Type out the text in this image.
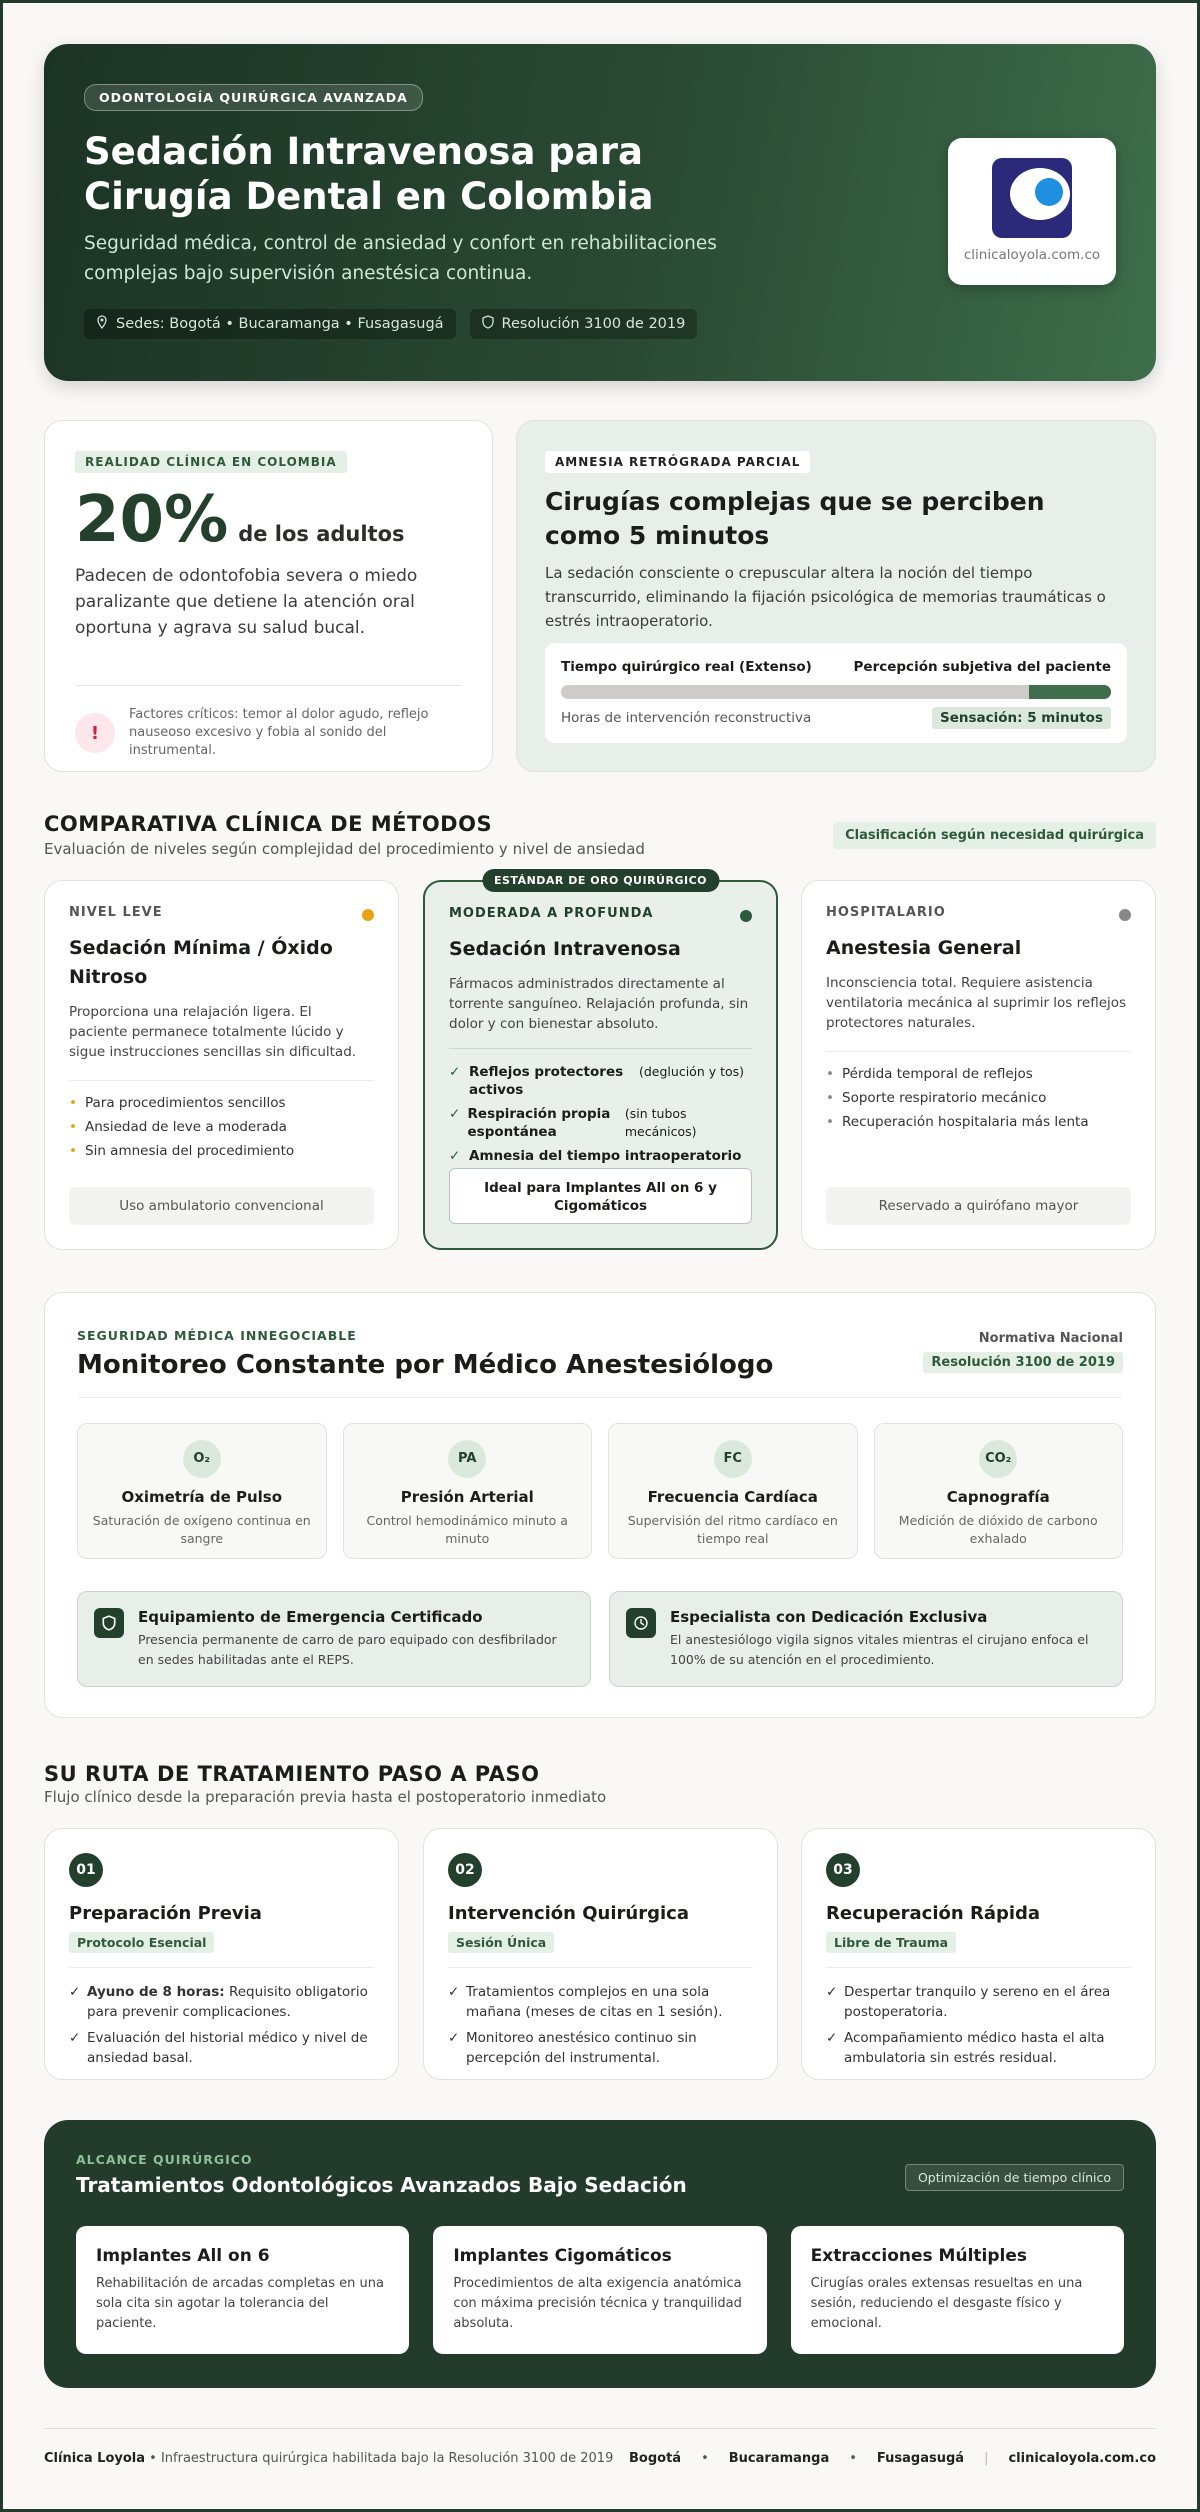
ODONTOLOGÍA QUIRÚRGICA AVANZADA
Sedación Intravenosa para Cirugía Dental en Colombia

Seguridad médica, control de ansiedad y confort en rehabilitaciones complejas bajo supervisión anestésica continua.

Sedes: Bogotá • Bucaramanga • Fusagasugá	Resolución 3100 de 2019
clinicaloyola.com.co
REALIDAD CLÍNICA EN COLOMBIA
20% de los adultos

Padecen de odontofobia severa o miedo paralizante que detiene la atención oral oportuna y agrava su salud bucal.

!
Factores críticos: temor al dolor agudo, reflejo nauseoso excesivo y fobia al sonido del instrumental.
AMNESIA RETRÓGRADA PARCIAL
Cirugías complejas que se perciben como 5 minutos

La sedación consciente o crepuscular altera la noción del tiempo transcurrido, eliminando la fijación psicológica de memorias traumáticas o estrés intraoperatorio.

Tiempo quirúrgico real (Extenso)	Percepción subjetiva del paciente
Horas de intervención reconstructiva	Sensación: 5 minutos
COMPARATIVA CLÍNICA DE MÉTODOS

Evaluación de niveles según complejidad del procedimiento y nivel de ansiedad

Clasificación según necesidad quirúrgica
NIVEL LEVE
Sedación Mínima / Óxido Nitroso

Proporciona una relajación ligera. El paciente permanece totalmente lúcido y sigue instrucciones sencillas sin dificultad.

• Para procedimientos sencillos
• Ansiedad de leve a moderada
• Sin amnesia del procedimiento
Uso ambulatorio convencional
ESTÁNDAR DE ORO QUIRÚRGICO
MODERADA A PROFUNDA
Sedación Intravenosa

Fármacos administrados directamente al torrente sanguíneo. Relajación profunda, sin dolor y con bienestar absoluto.

✓ Reflejos protectores activos
(deglución y tos)
✓ Respiración propia espontánea
(sin tubos mecánicos)
✓ Amnesia del tiempo intraoperatorio
Ideal para Implantes All on 6 y Cigomáticos
HOSPITALARIO
Anestesia General

Inconsciencia total. Requiere asistencia ventilatoria mecánica al suprimir los reflejos protectores naturales.

• Pérdida temporal de reflejos
• Soporte respiratorio mecánico
• Recuperación hospitalaria más lenta
Reservado a quirófano mayor
SEGURIDAD MÉDICA INNEGOCIABLE
Monitoreo Constante por Médico Anestesiólogo
Normativa Nacional
Resolución 3100 de 2019
O₂
Oximetría de Pulso
Saturación de oxígeno continua en sangre
PA
Presión Arterial
Control hemodinámico minuto a minuto
FC
Frecuencia Cardíaca
Supervisión del ritmo cardíaco en tiempo real
CO₂
Capnografía
Medición de dióxido de carbono exhalado
Equipamiento de Emergencia Certificado
Presencia permanente de carro de paro equipado con desfibrilador en sedes habilitadas ante el REPS.
Especialista con Dedicación Exclusiva
El anestesiólogo vigila signos vitales mientras el cirujano enfoca el 100% de su atención en el procedimiento.
SU RUTA DE TRATAMIENTO PASO A PASO

Flujo clínico desde la preparación previa hasta el postoperatorio inmediato

01
Preparación Previa
Protocolo Esencial
✓ Ayuno de 8 horas: Requisito obligatorio para prevenir complicaciones.
✓ Evaluación del historial médico y nivel de ansiedad basal.
02
Intervención Quirúrgica
Sesión Única
✓ Tratamientos complejos en una sola mañana (meses de citas en 1 sesión).
✓ Monitoreo anestésico continuo sin percepción del instrumental.
03
Recuperación Rápida
Libre de Trauma
✓ Despertar tranquilo y sereno en el área postoperatoria.
✓ Acompañamiento médico hasta el alta ambulatoria sin estrés residual.
ALCANCE QUIRÚRGICO
Tratamientos Odontológicos Avanzados Bajo Sedación	Optimización de tiempo clínico
Implantes All on 6
Rehabilitación de arcadas completas en una sola cita sin agotar la tolerancia del paciente.
Implantes Cigomáticos
Procedimientos de alta exigencia anatómica con máxima precisión técnica y tranquilidad absoluta.
Extracciones Múltiples
Cirugías orales extensas resueltas en una sesión, reduciendo el desgaste físico y emocional.
Clínica Loyola • Infraestructura quirúrgica habilitada bajo la Resolución 3100 de 2019 Bogotá • Bucaramanga • Fusagasugá | clinicaloyola.com.co
